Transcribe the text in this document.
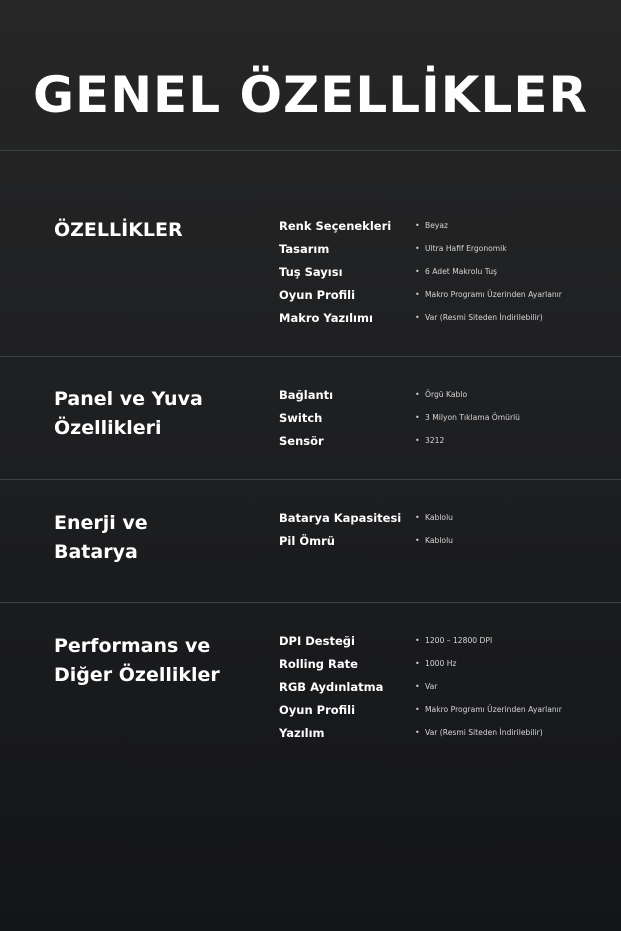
GENEL ÖZELLİKLER
ÖZELLİKLER	Renk Seçenekleri	• Beyaz
Tasarım	• Ultra Hafif Ergonomik
Tuş Sayısı	• 6 Adet Makrolu Tuş
Oyun Profili	• Makro Programı Üzerinden Ayarlanır
Makro Yazılımı	• Var (Resmi Siteden İndirilebilir)
Panel ve Yuva
Özellikleri
Bağlantı	• Örgü Kablo
Switch	• 3 Milyon Tıklama Ömürlü
Sensör	• 3212
Enerji ve
Batarya
Batarya Kapasitesi	• Kablolu
Pil Ömrü	• Kablolu
Performans ve
Diğer Özellikler
DPI Desteği	• 1200 – 12800 DPI
Rolling Rate	• 1000 Hz
RGB Aydınlatma	• Var
Oyun Profili	• Makro Programı Üzerinden Ayarlanır
Yazılım	• Var (Resmi Siteden İndirilebilir)
